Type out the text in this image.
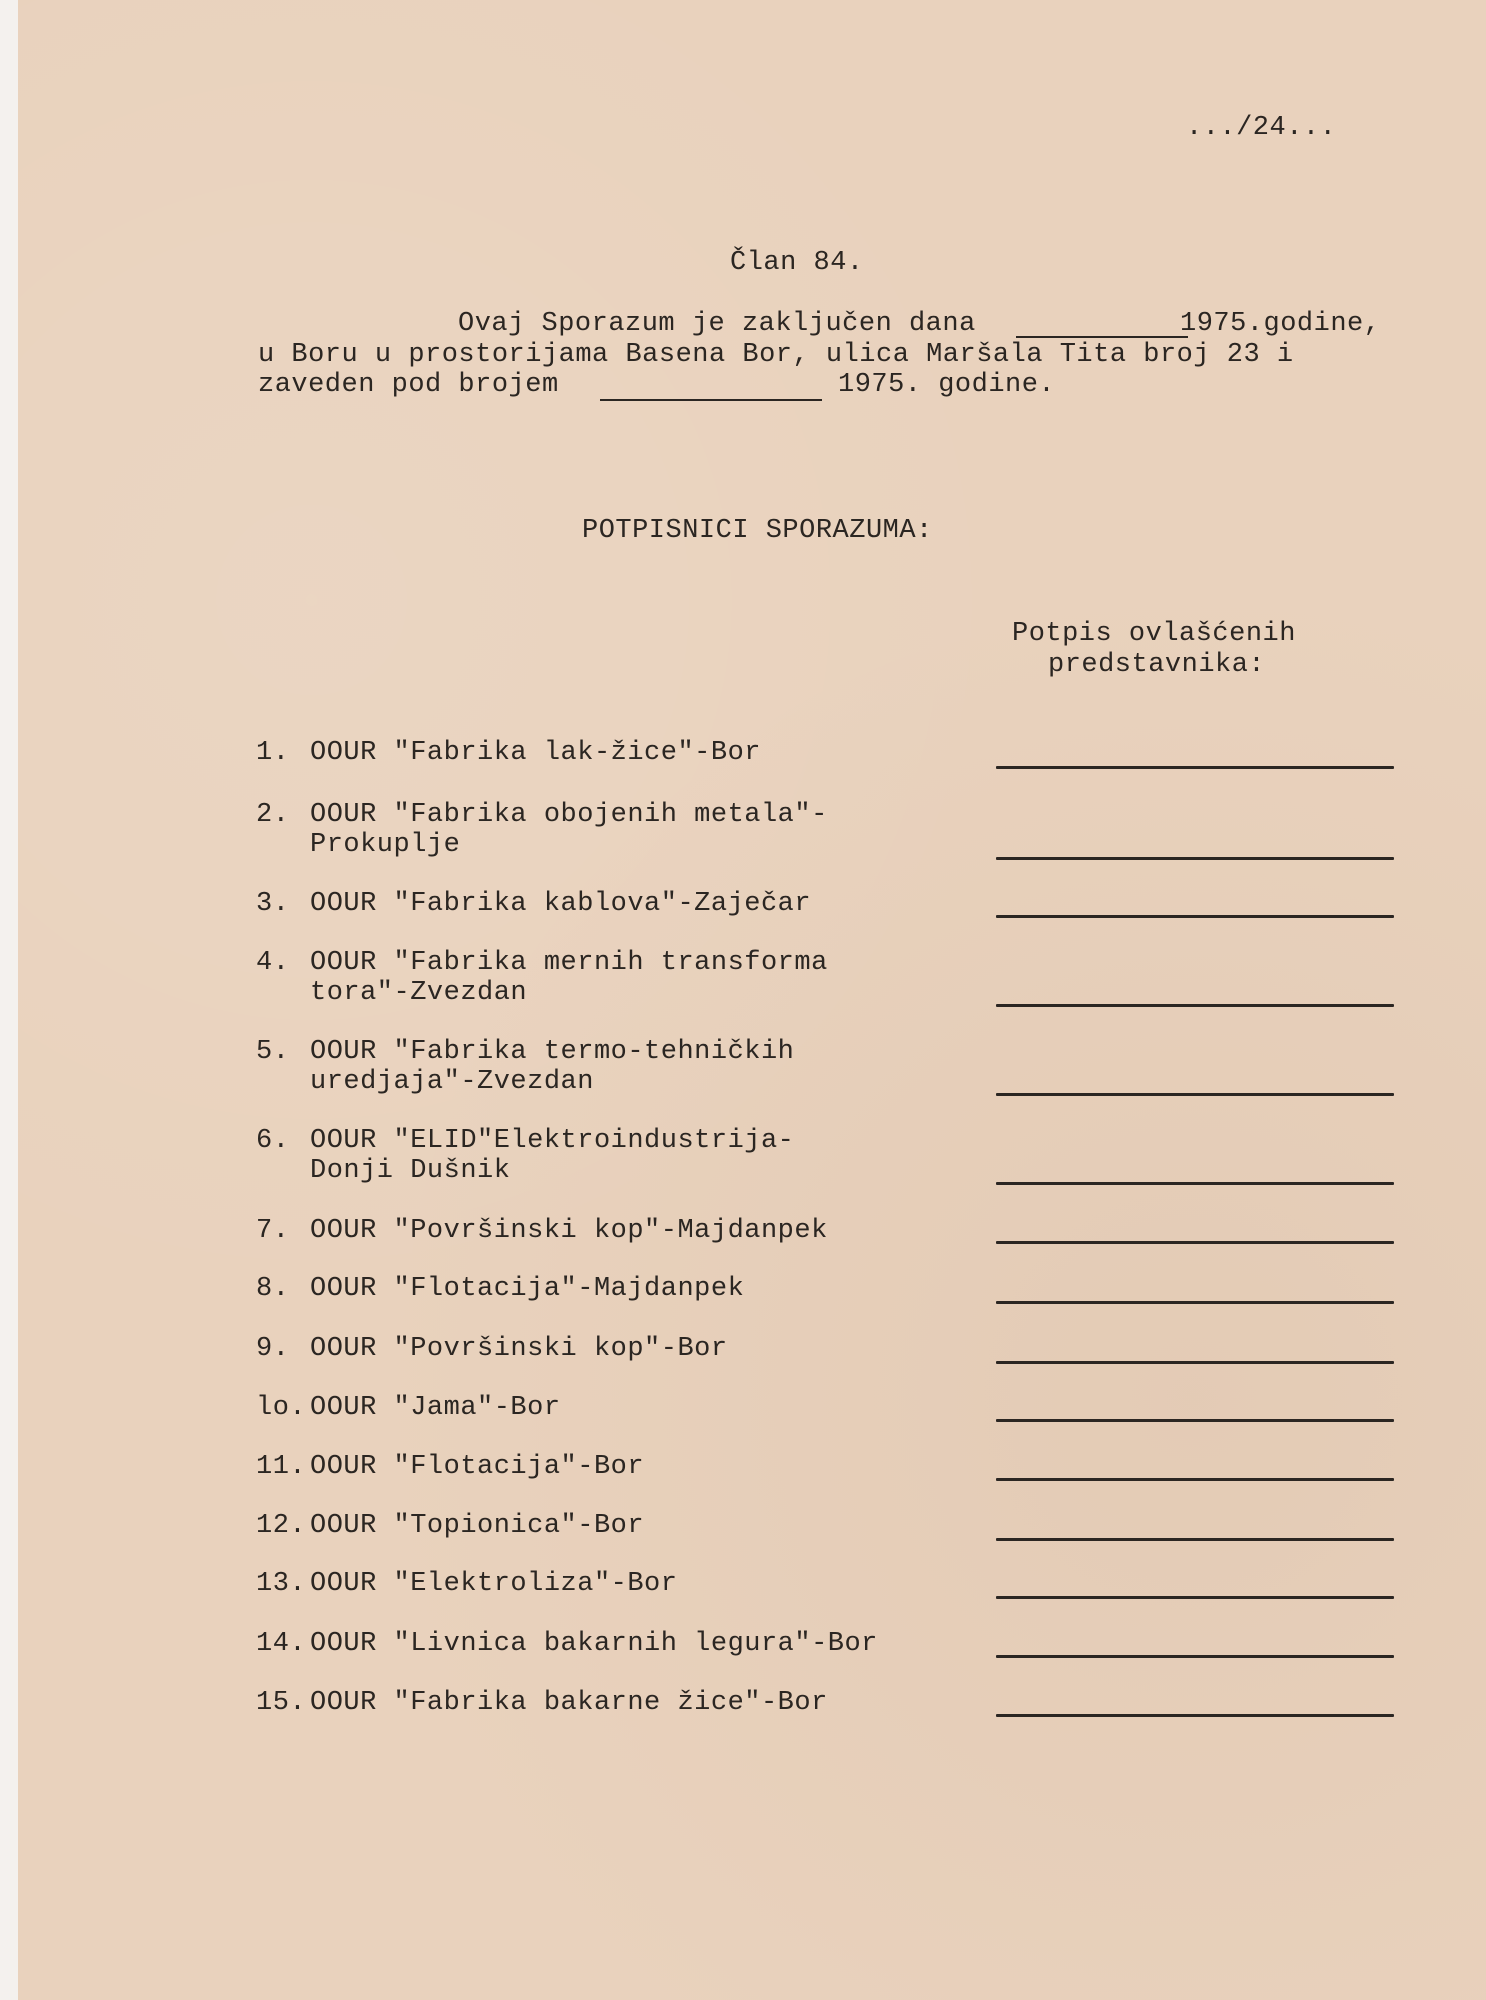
.../24...
Član 84.
Ovaj Sporazum je zaključen dana	1975.godine,
u Boru u prostorijama Basena Bor, ulica Maršala Tita broj 23 i
zaveden pod brojem	1975. godine.
POTPISNICI SPORAZUMA:
Potpis ovlašćenih
predstavnika:
1. OOUR "Fabrika lak-žice"-Bor
2. OOUR "Fabrika obojenih metala"-
Prokuplje
3. OOUR "Fabrika kablova"-Zaječar
4. OOUR "Fabrika mernih transforma
tora"-Zvezdan
5. OOUR "Fabrika termo-tehničkih
uredjaja"-Zvezdan
6. OOUR "ELID"Elektroindustrija-
Donji Dušnik
7. OOUR "Površinski kop"-Majdanpek
8. OOUR "Flotacija"-Majdanpek
9. OOUR "Površinski kop"-Bor
lo. OOUR "Jama"-Bor
11. OOUR "Flotacija"-Bor
12. OOUR "Topionica"-Bor
13. OOUR "Elektroliza"-Bor
14. OOUR "Livnica bakarnih legura"-Bor
15. OOUR "Fabrika bakarne žice"-Bor
